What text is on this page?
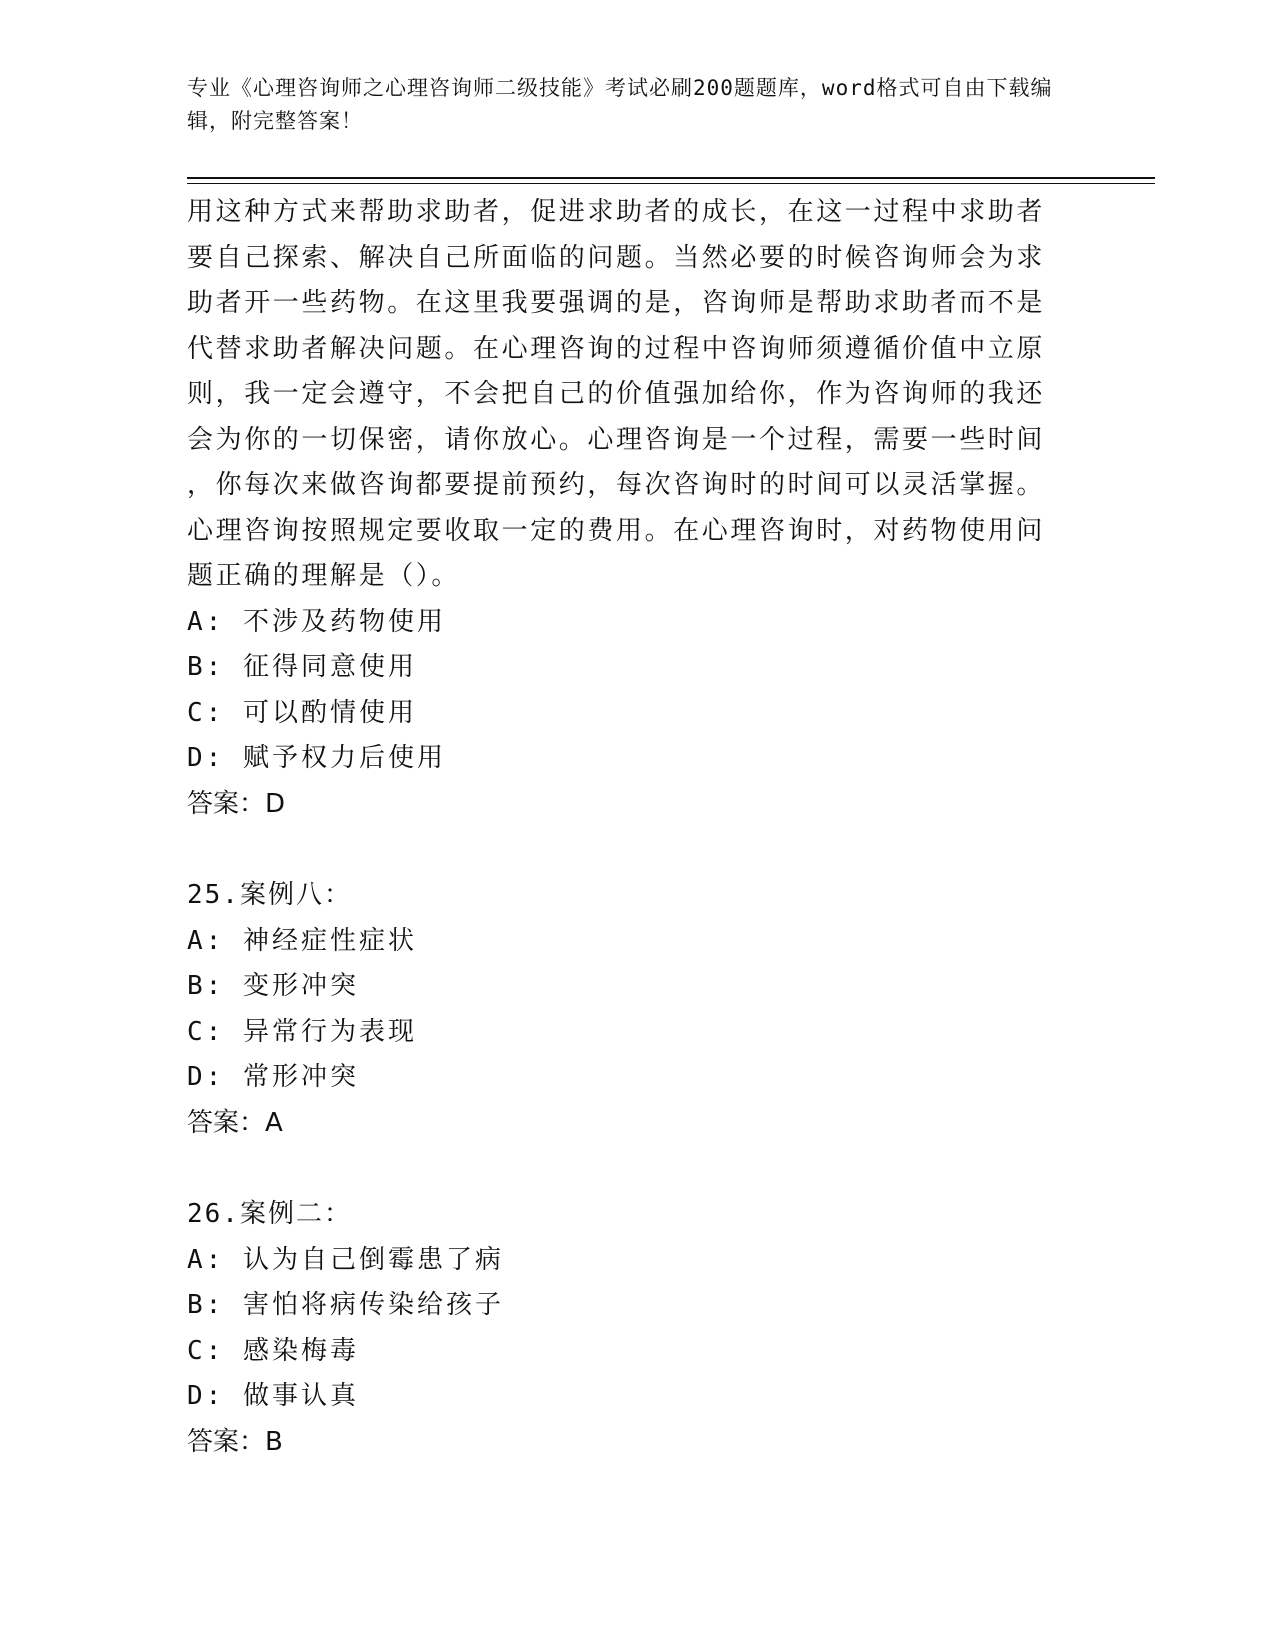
专业《心理咨询师之心理咨询师二级技能》考试必刷200题题库，word格式可自由下载编辑，附完整答案！

用这种方式来帮助求助者，促进求助者的成长，在这一过程中求助者

要自己探索、解决自己所面临的问题。当然必要的时候咨询师会为求

助者开一些药物。在这里我要强调的是，咨询师是帮助求助者而不是

代替求助者解决问题。在心理咨询的过程中咨询师须遵循价值中立原

则，我一定会遵守，不会把自己的价值强加给你，作为咨询师的我还

会为你的一切保密，请你放心。心理咨询是一个过程，需要一些时间

，你每次来做咨询都要提前预约，每次咨询时的时间可以灵活掌握。

心理咨询按照规定要收取一定的费用。在心理咨询时，对药物使用问

题正确的理解是（）。

A: 不涉及药物使用

B: 征得同意使用

C: 可以酌情使用

D: 赋予权力后使用

答案：D

25.案例八：

A: 神经症性症状

B: 变形冲突

C: 异常行为表现

D: 常形冲突

答案：A

26.案例二：

A: 认为自己倒霉患了病

B: 害怕将病传染给孩子

C: 感染梅毒

D: 做事认真

答案：B
